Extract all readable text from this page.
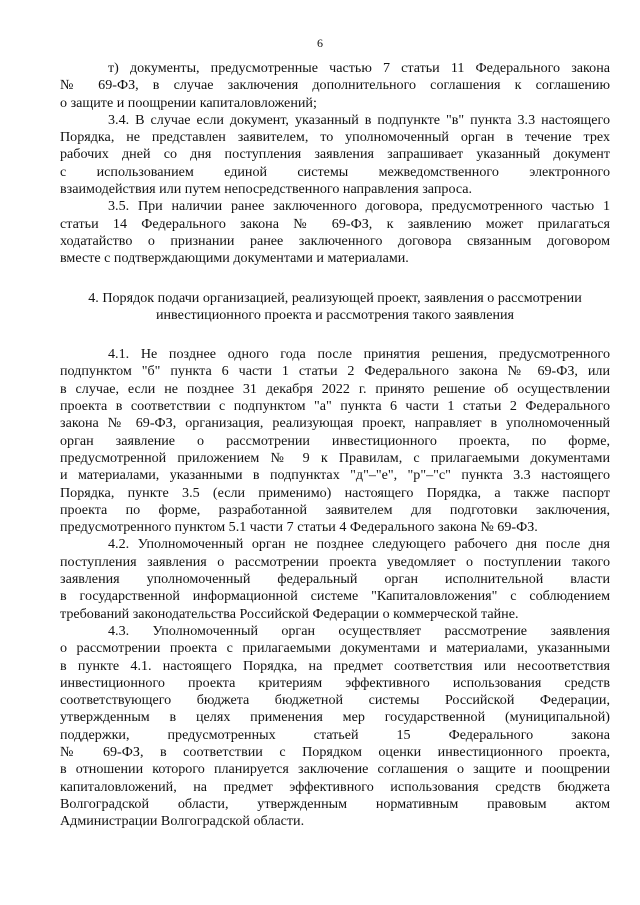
6

т) документы, предусмотренные частью 7 статьи 11 Федерального закона
№ 69-ФЗ, в случае заключения дополнительного соглашения к соглашению
о защите и поощрении капиталовложений;

3.4. В случае если документ, указанный в подпункте "в" пункта 3.3 настоящего
Порядка, не представлен заявителем, то уполномоченный орган в течение трех
рабочих дней со дня поступления заявления запрашивает указанный документ
с использованием единой системы межведомственного электронного
взаимодействия или путем непосредственного направления запроса.

3.5. При наличии ранее заключенного договора, предусмотренного частью 1
статьи 14 Федерального закона № 69-ФЗ, к заявлению может прилагаться
ходатайство о признании ранее заключенного договора связанным договором
вместе с подтверждающими документами и материалами.

4. Порядок подачи организацией, реализующей проект, заявления о рассмотрении
инвестиционного проекта и рассмотрения такого заявления

4.1. Не позднее одного года после принятия решения, предусмотренного
подпунктом "б" пункта 6 части 1 статьи 2 Федерального закона № 69-ФЗ, или
в случае, если не позднее 31 декабря 2022 г. принято решение об осуществлении
проекта в соответствии с подпунктом "а" пункта 6 части 1 статьи 2 Федерального
закона № 69-ФЗ, организация, реализующая проект, направляет в уполномоченный
орган заявление о рассмотрении инвестиционного проекта, по форме,
предусмотренной приложением № 9 к Правилам, с прилагаемыми документами
и материалами, указанными в подпунктах "д"–"е", "р"–"с" пункта 3.3 настоящего
Порядка, пункте 3.5 (если применимо) настоящего Порядка, а также паспорт
проекта по форме, разработанной заявителем для подготовки заключения,
предусмотренного пунктом 5.1 части 7 статьи 4 Федерального закона № 69-ФЗ.

4.2. Уполномоченный орган не позднее следующего рабочего дня после дня
поступления заявления о рассмотрении проекта уведомляет о поступлении такого
заявления уполномоченный федеральный орган исполнительной власти
в государственной информационной системе "Капиталовложения" с соблюдением
требований законодательства Российской Федерации о коммерческой тайне.

4.3. Уполномоченный орган осуществляет рассмотрение заявления
о рассмотрении проекта с прилагаемыми документами и материалами, указанными
в пункте 4.1. настоящего Порядка, на предмет соответствия или несоответствия
инвестиционного проекта критериям эффективного использования средств
соответствующего бюджета бюджетной системы Российской Федерации,
утвержденным в целях применения мер государственной (муниципальной)
поддержки, предусмотренных статьей 15 Федерального закона
№ 69-ФЗ, в соответствии с Порядком оценки инвестиционного проекта,
в отношении которого планируется заключение соглашения о защите и поощрении
капиталовложений, на предмет эффективного использования средств бюджета
Волгоградской области, утвержденным нормативным правовым актом
Администрации Волгоградской области.
